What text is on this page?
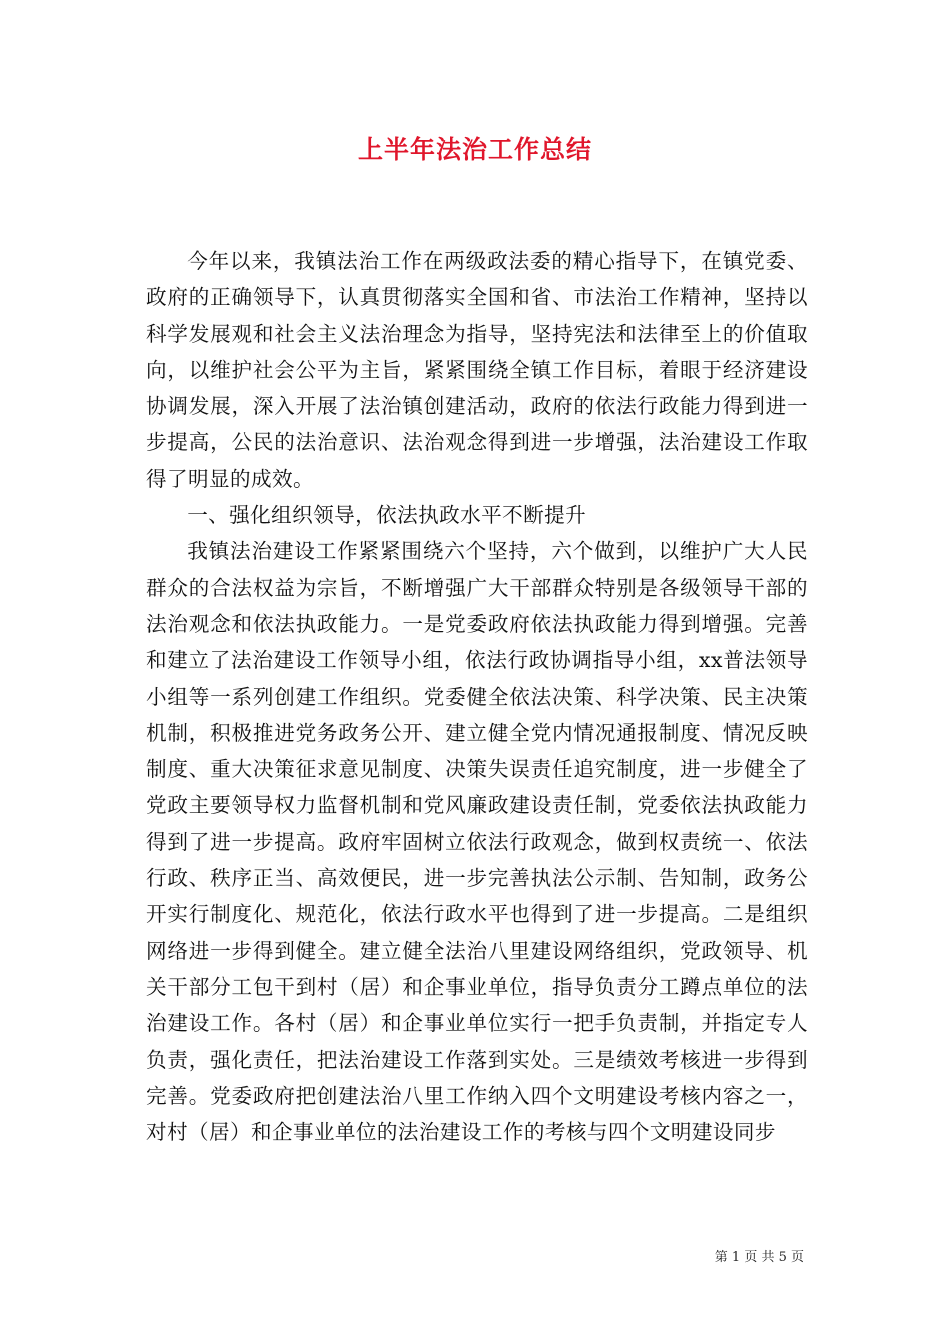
上半年法治工作总结

今年以来，我镇法治工作在两级政法委的精心指导下，在镇党委、政府的正确领导下，认真贯彻落实全国和省、市法治工作精神，坚持以科学发展观和社会主义法治理念为指导，坚持宪法和法律至上的价值取向，以维护社会公平为主旨，紧紧围绕全镇工作目标，着眼于经济建设协调发展，深入开展了法治镇创建活动，政府的依法行政能力得到进一步提高，公民的法治意识、法治观念得到进一步增强，法治建设工作取得了明显的成效。

一、强化组织领导，依法执政水平不断提升

我镇法治建设工作紧紧围绕六个坚持，六个做到，以维护广大人民群众的合法权益为宗旨，不断增强广大干部群众特别是各级领导干部的法治观念和依法执政能力。一是党委政府依法执政能力得到增强。完善和建立了法治建设工作领导小组，依法行政协调指导小组，xx普法领导小组等一系列创建工作组织。党委健全依法决策、科学决策、民主决策机制，积极推进党务政务公开、建立健全党内情况通报制度、情况反映制度、重大决策征求意见制度、决策失误责任追究制度，进一步健全了党政主要领导权力监督机制和党风廉政建设责任制，党委依法执政能力得到了进一步提高。政府牢固树立依法行政观念，做到权责统一、依法行政、秩序正当、高效便民，进一步完善执法公示制、告知制，政务公开实行制度化、规范化，依法行政水平也得到了进一步提高。二是组织网络进一步得到健全。建立健全法治八里建设网络组织，党政领导、机关干部分工包干到村（居）和企事业单位，指导负责分工蹲点单位的法治建设工作。各村（居）和企事业单位实行一把手负责制，并指定专人负责，强化责任，把法治建设工作落到实处。三是绩效考核进一步得到完善。党委政府把创建法治八里工作纳入四个文明建设考核内容之一，对村（居）和企事业单位的法治建设工作的考核与四个文明建设同步

第 1 页 共 5 页
